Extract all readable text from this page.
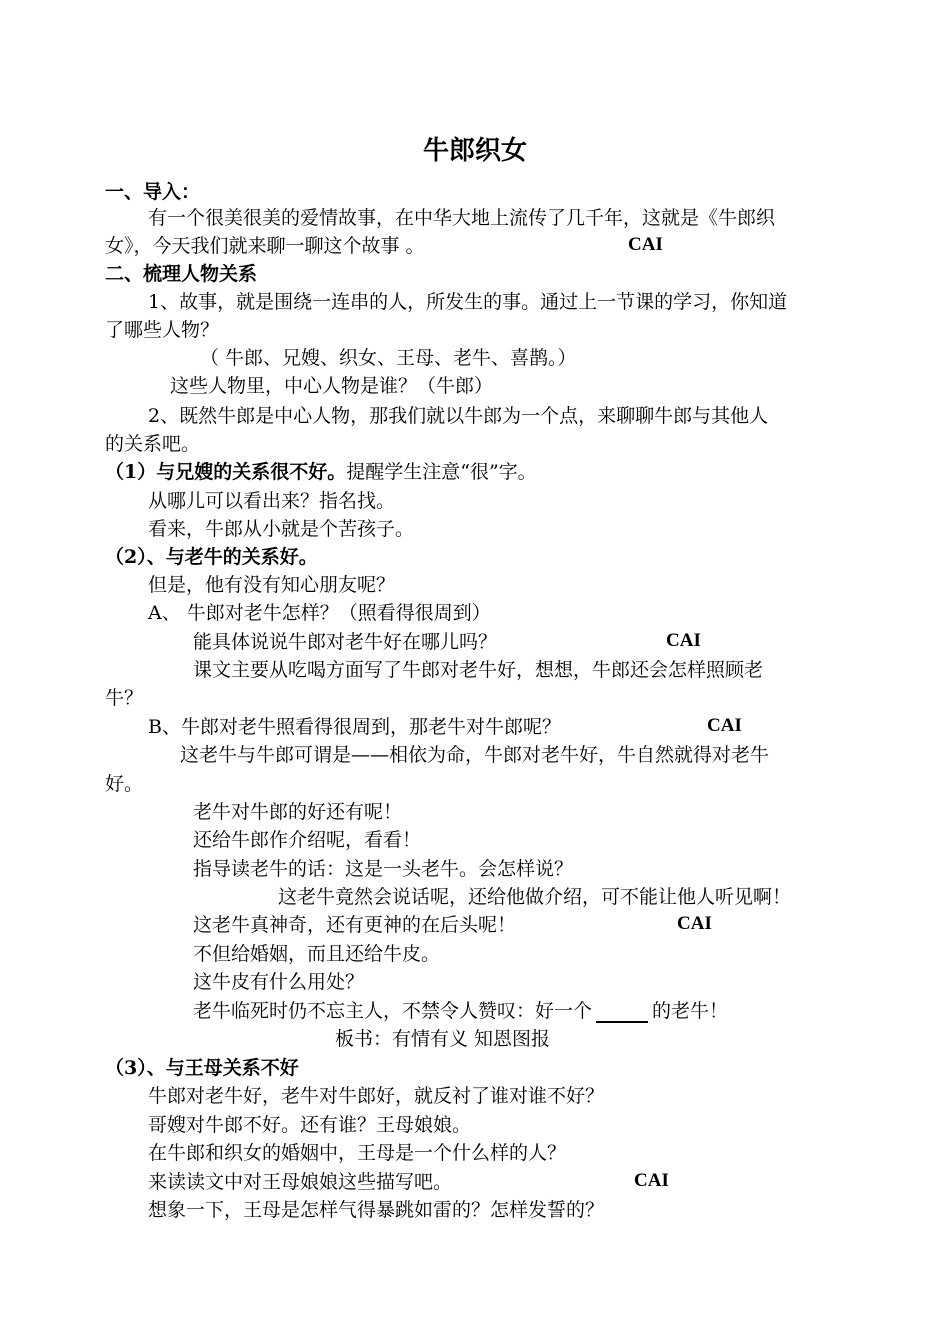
牛郎织女
一、导入：
有一个很美很美的爱情故事，在中华大地上流传了几千年，这就是《牛郎织
女》，今天我们就来聊一聊这个故事 。	CAI
二、梳理人物关系
1、故事，就是围绕一连串的人，所发生的事。通过上一节课的学习，你知道
了哪些人物？
（ 牛郎、兄嫂、织女、王母、老牛、喜鹊。）
这些人物里，中心人物是谁？（牛郎）
2、既然牛郎是中心人物，那我们就以牛郎为一个点，来聊聊牛郎与其他人
的关系吧。
（1）与兄嫂的关系很不好。提醒学生注意“很”字。
从哪儿可以看出来？指名找。
看来，牛郎从小就是个苦孩子。
（2）、与老牛的关系好。
但是，他有没有知心朋友呢？
A、 牛郎对老牛怎样？（照看得很周到）
能具体说说牛郎对老牛好在哪儿吗？	CAI
课文主要从吃喝方面写了牛郎对老牛好，想想，牛郎还会怎样照顾老
牛？
B、牛郎对老牛照看得很周到，那老牛对牛郎呢？	CAI
这老牛与牛郎可谓是——相依为命，牛郎对老牛好，牛自然就得对老牛
好。
老牛对牛郎的好还有呢！
还给牛郎作介绍呢，看看！
指导读老牛的话：这是一头老牛。会怎样说？
这老牛竟然会说话呢，还给他做介绍，可不能让他人听见啊！
这老牛真神奇，还有更神的在后头呢！	CAI
不但给婚姻，而且还给牛皮。
这牛皮有什么用处？
老牛临死时仍不忘主人，不禁令人赞叹：好一个	的老牛！
板书：有情有义 知恩图报
（3）、与王母关系不好
牛郎对老牛好，老牛对牛郎好，就反衬了谁对谁不好？
哥嫂对牛郎不好。还有谁？王母娘娘。
在牛郎和织女的婚姻中，王母是一个什么样的人？
来读读文中对王母娘娘这些描写吧。	CAI
想象一下，王母是怎样气得暴跳如雷的？怎样发誓的？
